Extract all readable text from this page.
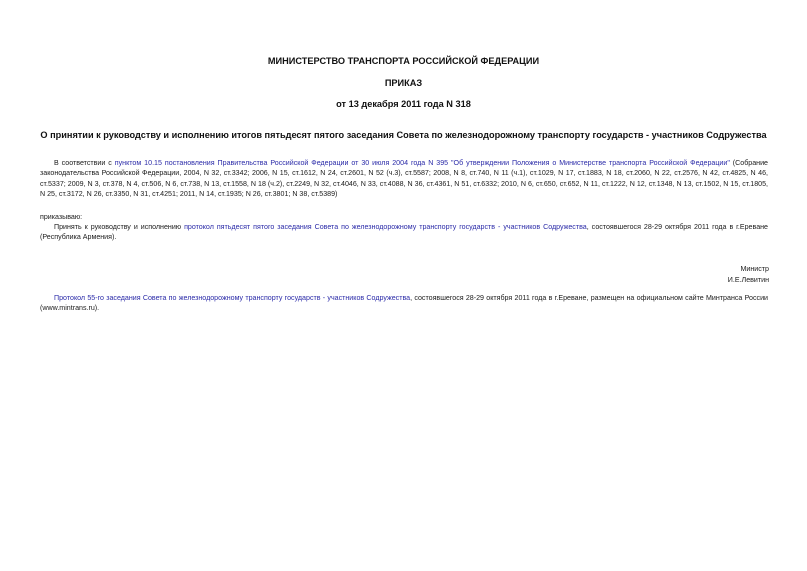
МИНИСТЕРСТВО ТРАНСПОРТА РОССИЙСКОЙ ФЕДЕРАЦИИ
ПРИКАЗ
от 13 декабря 2011 года N 318
О принятии к руководству и исполнению итогов пятьдесят пятого заседания Совета по железнодорожному транспорту государств - участников Содружества
В соответствии с пунктом 10.15 постановления Правительства Российской Федерации от 30 июля 2004 года N 395 "Об утверждении Положения о Министерстве транспорта Российской Федерации" (Собрание законодательства Российской Федерации, 2004, N 32, ст.3342; 2006, N 15, ст.1612, N 24, ст.2601, N 52 (ч.3), ст.5587; 2008, N 8, ст.740, N 11 (ч.1), ст.1029, N 17, ст.1883, N 18, ст.2060, N 22, ст.2576, N 42, ст.4825, N 46, ст.5337; 2009, N 3, ст.378, N 4, ст.506, N 6, ст.738, N 13, ст.1558, N 18 (ч.2), ст.2249, N 32, ст.4046, N 33, ст.4088, N 36, ст.4361, N 51, ст.6332; 2010, N 6, ст.650, ст.652, N 11, ст.1222, N 12, ст.1348, N 13, ст.1502, N 15, ст.1805, N 25, ст.3172, N 26, ст.3350, N 31, ст.4251; 2011, N 14, ст.1935; N 26, ст.3801; N 38, ст.5389)
приказываю:
Принять к руководству и исполнению протокол пятьдесят пятого заседания Совета по железнодорожному транспорту государств - участников Содружества, состоявшегося 28-29 октября 2011 года в г.Ереване (Республика Армения).
Министр
И.Е.Левитин
Протокол 55-го заседания Совета по железнодорожному транспорту государств - участников Содружества, состоявшегося 28-29 октября 2011 года в г.Ереване, размещен на официальном сайте Минтранса России (www.mintrans.ru).
